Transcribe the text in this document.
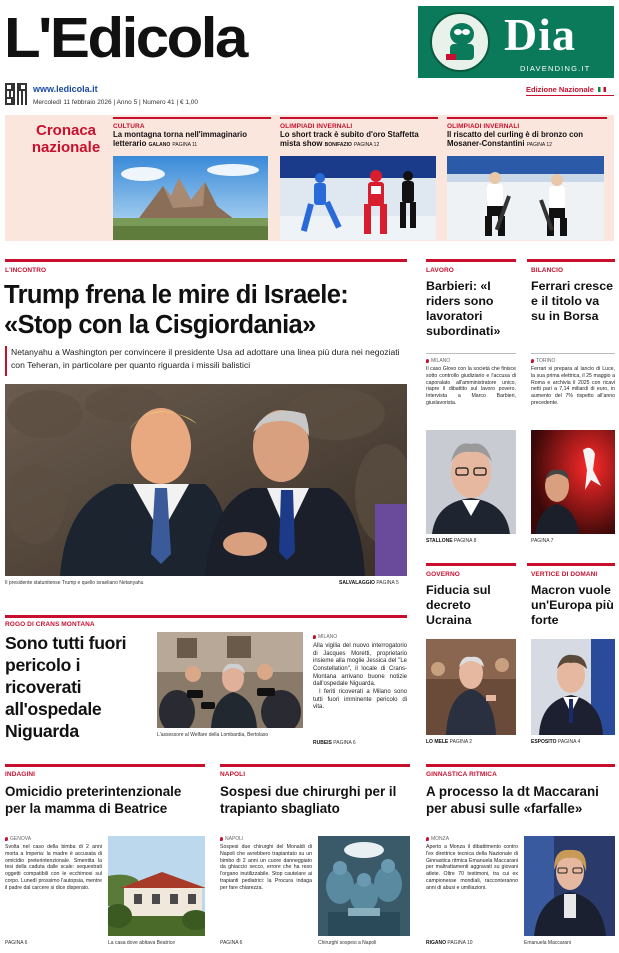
L'Edicola
www.ledicola.it
Mercoledì 11 febbraio 2026 | Anno 5 | Numero 41 | € 1,00
Dia
DIAVENDING.IT
Edizione Nazionale
Cronaca
nazionale
CULTURA
La montagna torna nell'immaginario letterario GALANO PAGINA 11
OLIMPIADI INVERNALI
Lo short track è subito d'oro Staffetta mista show BONIFAZIO PAGINA 12
OLIMPIADI INVERNALI
Il riscatto del curling è di bronzo con Mosaner-Constantini PAGINA 12
L'INCONTRO
Trump frena le mire di Israele:
«Stop con la Cisgiordania»
Netanyahu a Washington per convincere il presidente Usa ad adottare una linea più dura nei negoziati con Teheran, in particolare per quanto riguarda i missili balistici
Il presidente statunitense Trump e quello israeliano Netanyahu	SALVALAGGIO PAGINA 5
LAVORO
Barbieri: «I riders sono lavoratori subordinati»
MILANO
Il caso Glovo con la società che finisce sotto controllo giudiziario e l'accusa di caporalato all'amministratore unico, riapre il dibattito sul lavoro povero. Intervista a Marco Barbieri, giuslavorista.
STALLONE PAGINA 8
BILANCIO
Ferrari cresce e il titolo va su in Borsa
TORINO
Ferrari si prepara al lancio di Luce, la sua prima elettrica, il 25 maggio a Roma e archivia il 2025 con ricavi netti pari a 7,14 miliardi di euro, in aumento del 7% rispetto all'anno precedente.
PAGINA 7
GOVERNO
Fiducia sul decreto Ucraina
LO MELE PAGINA 2
VERTICE DI DOMANI
Macron vuole un'Europa più forte
ESPOSITO PAGINA 4
ROGO DI CRANS MONTANA
Sono tutti fuori pericolo i ricoverati all'ospedale Niguarda	L'assessore al Welfare della Lombardia, Bertolaso
MILANO
Alla vigilia del nuovo interrogatorio di Jacques Moretti, proprietario insieme alla moglie Jessica del "Le Constellation", il locale di Crans-Montana arrivano buone notizie dall'ospedale Niguarda.
I feriti ricoverati a Milano sono tutti fuori imminente pericolo di vita.
RUBEIS PAGINA 6
INDAGINI
Omicidio preterintenzionale per la mamma di Beatrice
GENOVA
Svolta nel caso della bimba di 2 anni morta a Imperia: la madre è accusata di omicidio preterintenzionale. Smentita la tesi della caduta dalle scale: sequestrati oggetti compatibili con le ecchimosi sul corpo. Lunedì prossimo l'autopsia, mentre il padre dal carcere si dice disperato.
PAGINA 6	La casa dove abitava Beatrice
NAPOLI
Sospesi due chirurghi per il trapianto sbagliato
NAPOLI
Sospesi due chirurghi del Monaldi di Napoli che avrebbero trapiantato su un bimbo di 2 anni un cuore danneggiato da ghiaccio secco, errore che ha reso l'organo inutilizzabile. Stop cautelare ai trapianti pediatrici: la Procura indaga per fare chiarezza.
PAGINA 6	Chirurghi sospesi a Napoli
GINNASTICA RITMICA
A processo la dt Maccarani per abusi sulle «farfalle»
MONZA
Aperto a Monza il dibattimento contro l'ex direttrice tecnica della Nazionale di Ginnastica ritmica Emanuela Maccarani per maltrattamenti aggravati su giovani atlete. Oltre 70 testimoni, tra cui ex campionesse mondiali, racconteranno anni di abusi e umiliazioni.
RIGANO PAGINA 10	Emanuela Maccarani
